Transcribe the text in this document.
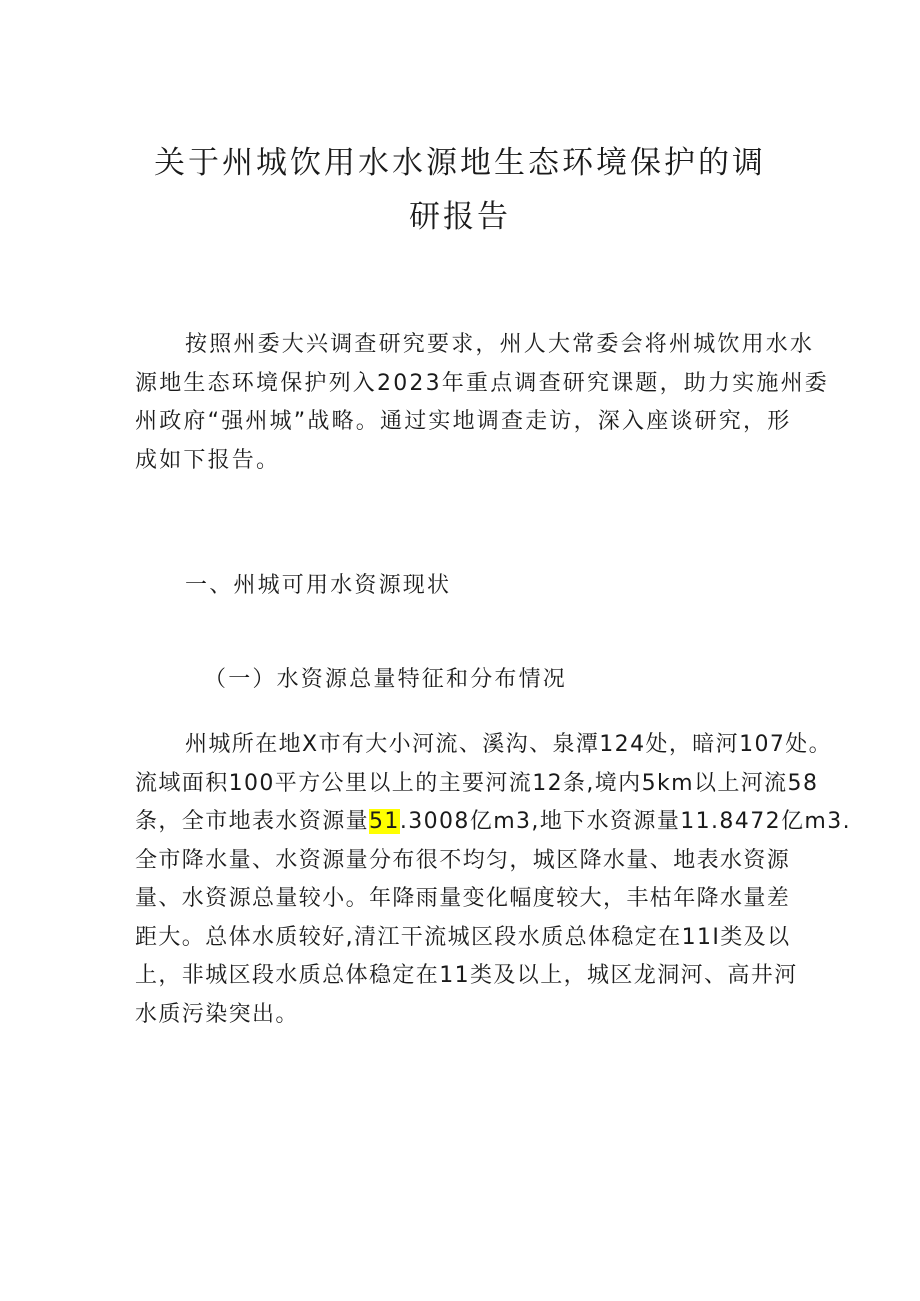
关于州城饮用水水源地生态环境保护的调
研报告

按照州委大兴调查研究要求，州人大常委会将州城饮用水水
源地生态环境保护列入2023年重点调查研究课题，助力实施州委
州政府“强州城”战略。通过实地调查走访，深入座谈研究，形
成如下报告。

一、州城可用水资源现状
（一）水资源总量特征和分布情况

州城所在地X市有大小河流、溪沟、泉潭124处，暗河107处。
流域面积100平方公里以上的主要河流12条,境内5km以上河流58
条，全市地表水资源量51.3008亿m3,地下水资源量11.8472亿m3.
全市降水量、水资源量分布很不均匀，城区降水量、地表水资源
量、水资源总量较小。年降雨量变化幅度较大，丰枯年降水量差
距大。总体水质较好,清江干流城区段水质总体稳定在11I类及以
上，非城区段水质总体稳定在11类及以上，城区龙洞河、高井河
水质污染突出。
